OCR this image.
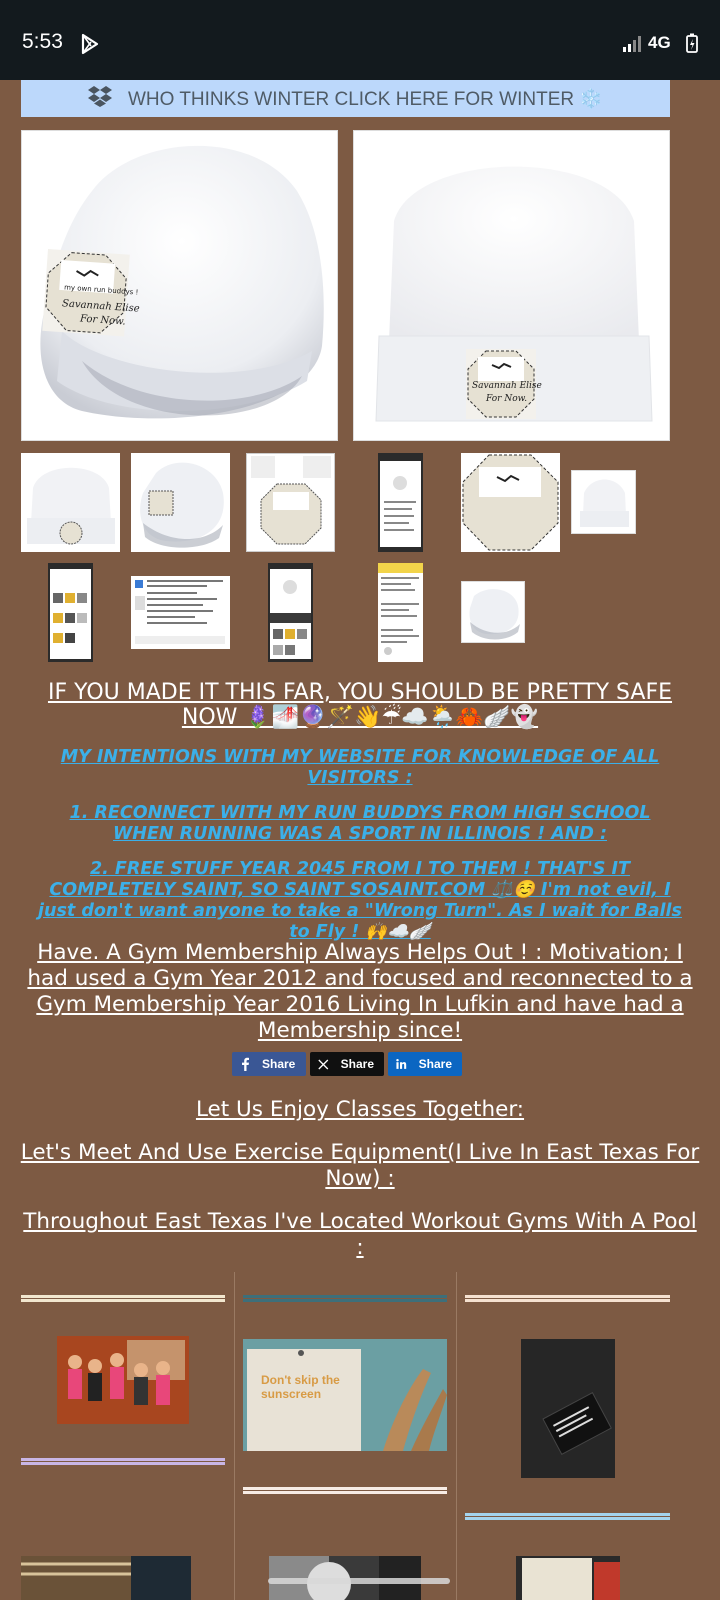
5:53	4G
WHO THINKS WINTER CLICK HERE FOR WINTER ❄️
my own run buddys !
Savannah Elise
For Now.
Savannah Elise
For Now.
IF YOU MADE IT THIS FAR, YOU SHOULD BE PRETTY SAFE NOW 🪻🌁🔮🪄👋☔☁️🌦️🦀🪽👻
MY INTENTIONS WITH MY WEBSITE FOR KNOWLEDGE OF ALL VISITORS :
1. RECONNECT WITH MY RUN BUDDYS FROM HIGH SCHOOL WHEN RUNNING WAS A SPORT IN ILLINOIS ! AND :
2. FREE STUFF YEAR 2045 FROM I TO THEM ! THAT'S IT COMPLETELY SAINT, SO SAINT SOSAINT.COM ⚖️☺️ I'm not evil, I just don't want anyone to take a "Wrong Turn". As I wait for Balls to Fly ! 🙌☁️🪽
Have. A Gym Membership Always Helps Out ! : Motivation; I had used a Gym Year 2012 and focused and reconnected to a Gym Membership Year 2016 Living In Lufkin and have had a Membership since!
Share	Share	Share
Let Us Enjoy Classes Together:
Let's Meet And Use Exercise Equipment(I Live In East Texas For Now) :
Throughout East Texas I've Located Workout Gyms With A Pool :
Don't skip the sunscreen
